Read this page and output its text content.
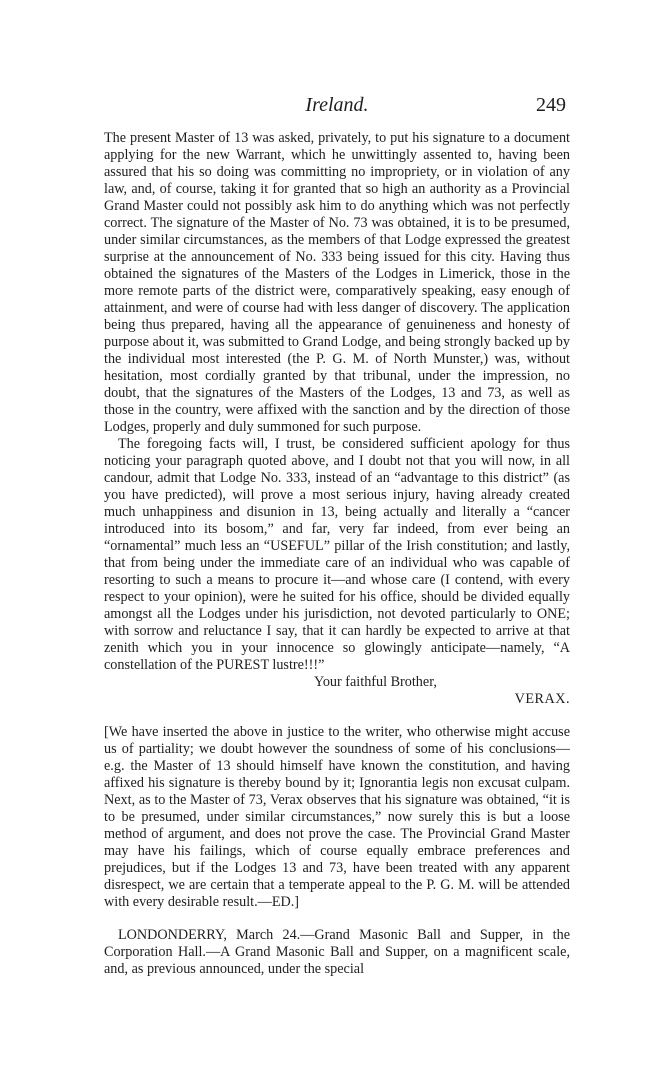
Ireland.	249

The present Master of 13 was asked, privately, to put his signature to a document applying for the new Warrant, which he unwittingly assented to, having been assured that his so doing was committing no impropriety, or in violation of any law, and, of course, taking it for granted that so high an authority as a Provincial Grand Master could not possibly ask him to do anything which was not perfectly correct. The signature of the Master of No. 73 was obtained, it is to be presumed, under similar circumstances, as the members of that Lodge expressed the greatest surprise at the announcement of No. 333 being issued for this city. Having thus obtained the signatures of the Masters of the Lodges in Limerick, those in the more remote parts of the district were, comparatively speaking, easy enough of attainment, and were of course had with less danger of discovery. The application being thus prepared, having all the appearance of genuineness and honesty of purpose about it, was submitted to Grand Lodge, and being strongly backed up by the individual most interested (the P. G. M. of North Munster,) was, without hesitation, most cordially granted by that tribunal, under the impression, no doubt, that the signatures of the Masters of the Lodges, 13 and 73, as well as those in the country, were affixed with the sanction and by the direction of those Lodges, properly and duly summoned for such purpose.

The foregoing facts will, I trust, be considered sufficient apology for thus noticing your paragraph quoted above, and I doubt not that you will now, in all candour, admit that Lodge No. 333, instead of an “advantage to this district” (as you have predicted), will prove a most serious injury, having already created much unhappiness and disunion in 13, being actually and literally a “cancer introduced into its bosom,” and far, very far indeed, from ever being an “ornamental” much less an “USEFUL” pillar of the Irish constitution; and lastly, that from being under the immediate care of an individual who was capable of resorting to such a means to procure it—and whose care (I contend, with every respect to your opinion), were he suited for his office, should be divided equally amongst all the Lodges under his jurisdiction, not devoted particularly to ONE; with sorrow and reluctance I say, that it can hardly be expected to arrive at that zenith which you in your innocence so glowingly anticipate—namely, “A constellation of the PUREST lustre!!!”

Your faithful Brother,
VERAX.

[We have inserted the above in justice to the writer, who otherwise might accuse us of partiality; we doubt however the soundness of some of his conclusions—e.g. the Master of 13 should himself have known the constitution, and having affixed his signature is thereby bound by it; Ignorantia legis non excusat culpam. Next, as to the Master of 73, Verax observes that his signature was obtained, “it is to be presumed, under similar circumstances,” now surely this is but a loose method of argument, and does not prove the case. The Provincial Grand Master may have his failings, which of course equally embrace preferences and prejudices, but if the Lodges 13 and 73, have been treated with any apparent disrespect, we are certain that a temperate appeal to the P. G. M. will be attended with every desirable result.—ED.]

LONDONDERRY, March 24.—Grand Masonic Ball and Supper, in the Corporation Hall.—A Grand Masonic Ball and Supper, on a magnificent scale, and, as previous announced, under the special
